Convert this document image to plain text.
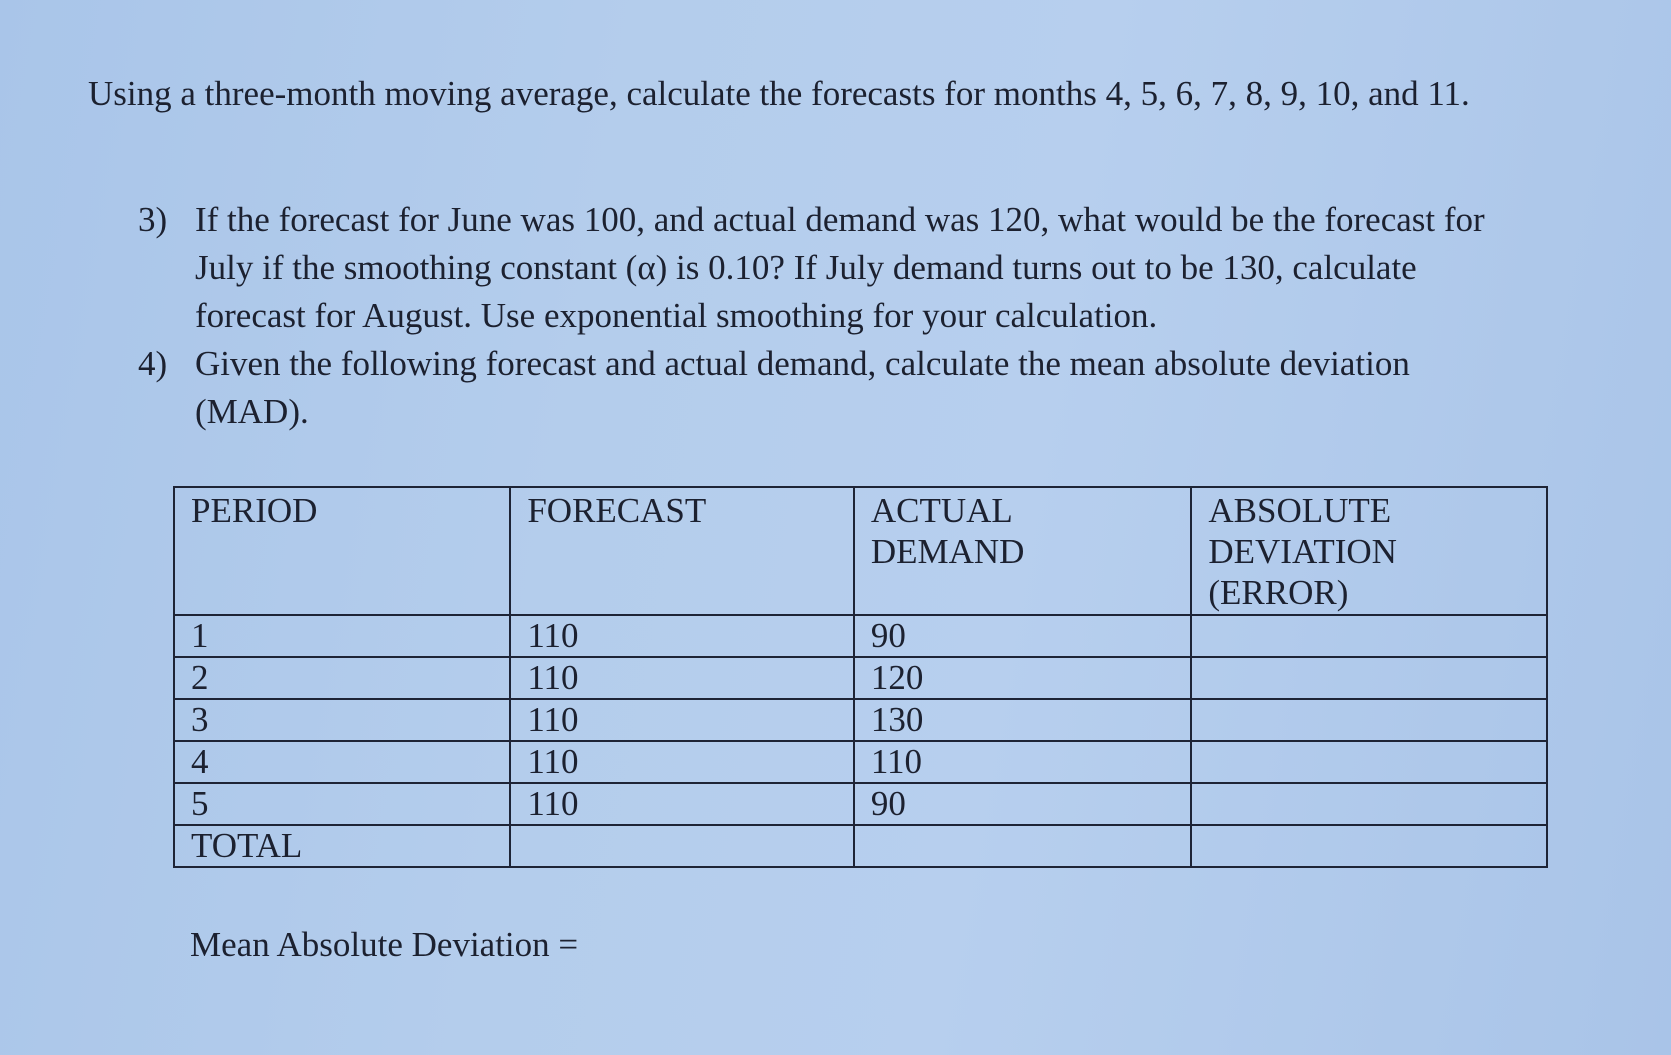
Using a three-month moving average, calculate the forecasts for months 4, 5, 6, 7, 8, 9, 10, and 11.

3) If the forecast for June was 100, and actual demand was 120, what would be the forecast for July if the smoothing constant (α) is 0.10? If July demand turns out to be 130, calculate forecast for August. Use exponential smoothing for your calculation.
4) Given the following forecast and actual demand, calculate the mean absolute deviation (MAD).
PERIOD	FORECAST	ACTUAL DEMAND	ABSOLUTE DEVIATION (ERROR)

1	110	90	
2	110	120	
3	110	130	
4	110	110	
5	110	90	
TOTAL			

Mean Absolute Deviation =
